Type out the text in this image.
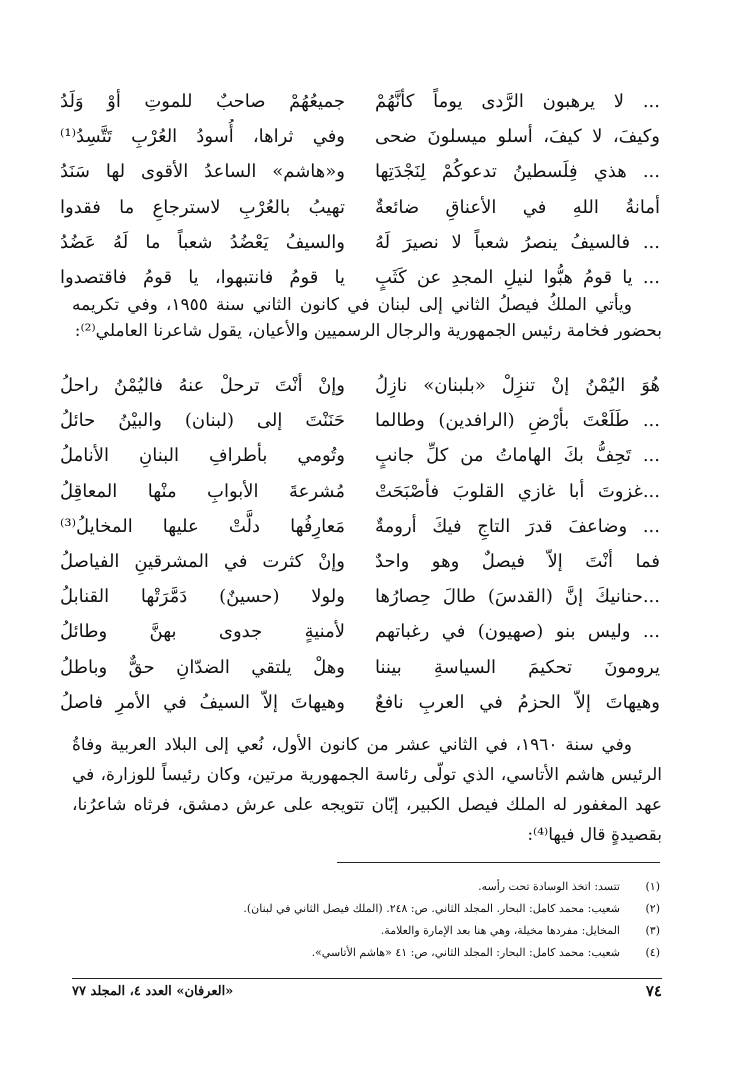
... لا يرهبون الرَّدى يوماً كأنَّهُمْ
جميعُهُمْ صاحبٌ للموتِ أوْ وَلَدُ
وكيفَ، لا كيفَ، أسلو ميسلونَ ضحى
وفي ثراها، أُسودُ العُرْبِ تَتَّسِدُ⁽¹⁾
... هذي فِلَسطينُ تدعوكُمْ لِنَجْدَتِها
و«هاشم» الساعدُ الأقوى لها سَنَدُ
أمانةُ اللهِ في الأعناقِ ضائعةٌ
تهيبُ بالعُرْبِ لاسترجاعِ ما فقدوا
... فالسيفُ ينصرُ شعباً لا نصيرَ لَهُ
والسيفُ يَعْضُدُ شعباً ما لَهُ عَضُدُ
... يا قومُ هبُّوا لنيلِ المجدِ عن كَثَبٍ
يا قومُ فانتبهوا، يا قومُ فاقتصدوا

ويأتي الملكُ فيصلُ الثاني إلى لبنان في كانون الثاني سنة ١٩٥٥، وفي تكريمه بحضور فخامة رئيس الجمهورية والرجال الرسميين والأعيان، يقول شاعرنا العاملي⁽²⁾:

هُوَ اليُمْنُ إنْ تنزِلْ «بلبنان» نازِلُ
وإنْ أنْتَ ترحلْ عنهُ فاليُمْنُ راحلُ
... طَلَعْتَ بأرْضِ (الرافدين) وطالما
حَنَنْتَ إلى (لبنان) والبيْنُ حائلُ
... تَحِفُّ بكَ الهاماتُ من كلِّ جانبٍ
وتُومي بأطرافِ البنانِ الأناملُ
...غزوتَ أبا غازي القلوبَ فأصْبَحَتْ
مُشرعةَ الأبوابِ منْها المعاقِلُ
... وضاعفَ قدرَ التاجِ فيكَ أرومةٌ
مَعارِفُها دلَّتْ عليها المخايلُ⁽³⁾
فما أنْتَ إلاّ فيصلٌ وهو واحدٌ
وإنْ كثرت في المشرقينِ الفياصلُ
...حنانيكَ إنَّ (القدسَ) طالَ حِصارُها
ولولا (حسينٌ) دَمَّرَتْها القنابلُ
... وليس بنو (صهيون) في رغباتهم
لأمنيةٍ جدوى بهنَّ وطائلُ
يرومونَ تحكيمَ السياسةِ بيننا
وهلْ يلتقي الضدّانِ حقٌّ وباطلُ
وهيهاتَ إلاّ الحزمُ في العربِ نافعٌ
وهيهاتَ إلاّ السيفُ في الأمرِ فاصلُ

وفي سنة ١٩٦٠، في الثاني عشر من كانون الأول، نُعي إلى البلاد العربية وفاةُ الرئيس هاشم الأتاسي، الذي تولّى رئاسة الجمهورية مرتين، وكان رئيساً للوزارة، في عهد المغفور له الملك فيصل الكبير، إبّان تتويجه على عرش دمشق، فرثاه شاعرُنا، بقصيدةٍ قال فيها⁽⁴⁾:

(١)
تتسد: اتخذ الوسادة تحت رأسه.
(٢)
شعيب: محمد كامل: البحار. المجلد الثاني. ص: ٢٤٨. (الملك فيصل الثاني في لبنان).
(٣)
المخايل: مفردها مخيلة، وهي هنا بعد الإمارة والعلامة.
(٤)
شعيب: محمد كامل: البحار: المجلد الثاني، ص: ٤١ «هاشم الأتاسي».
٧٤
«العرفان» العدد ٤، المجلد ٧٧
